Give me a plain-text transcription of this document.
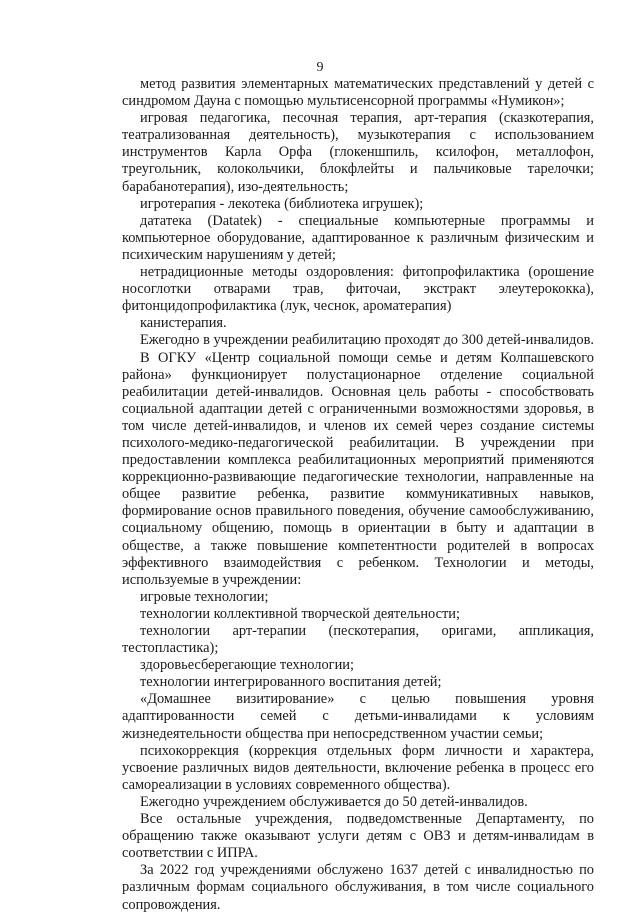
9

метод развития элементарных математических представлений у детей с синдромом Дауна с помощью мультисенсорной программы «Нумикон»;

игровая педагогика, песочная терапия, арт-терапия (сказкотерапия, театрализованная деятельность), музыкотерапия с использованием инструментов Карла Орфа (глокеншпиль, ксилофон, металлофон, треугольник, колокольчики, блокфлейты и пальчиковые тарелочки; барабанотерапия), изо-деятельность;

игротерапия - лекотека (библиотека игрушек);

дататека (Datatek) - специальные компьютерные программы и компьютерное оборудование, адаптированное к различным физическим и психическим нарушениям у детей;

нетрадиционные методы оздоровления: фитопрофилактика (орошение носоглотки отварами трав, фиточаи, экстракт элеутерококка), фитонцидопрофилактика (лук, чеснок, ароматерапия)

канистерапия.

Ежегодно в учреждении реабилитацию проходят до 300 детей-инвалидов.

В ОГКУ «Центр социальной помощи семье и детям Колпашевского района» функционирует полустационарное отделение социальной реабилитации детей-инвалидов. Основная цель работы - способствовать социальной адаптации детей с ограниченными возможностями здоровья, в том числе детей-инвалидов, и членов их семей через создание системы психолого-медико-педагогической реабилитации. В учреждении при предоставлении комплекса реабилитационных мероприятий применяются коррекционно-развивающие педагогические технологии, направленные на общее развитие ребенка, развитие коммуникативных навыков, формирование основ правильного поведения, обучение самообслуживанию, социальному общению, помощь в ориентации в быту и адаптации в обществе, а также повышение компетентности родителей в вопросах эффективного взаимодействия с ребенком. Технологии и методы, используемые в учреждении:

игровые технологии;

технологии коллективной творческой деятельности;

технологии арт-терапии (пескотерапия, оригами, аппликация, тестопластика);

здоровьесберегающие технологии;

технологии интегрированного воспитания детей;

«Домашнее визитирование» с целью повышения уровня адаптированности семей с детьми-инвалидами к условиям жизнедеятельности общества при непосредственном участии семьи;

психокоррекция (коррекция отдельных форм личности и характера, усвоение различных видов деятельности, включение ребенка в процесс его самореализации в условиях современного общества).

Ежегодно учреждением обслуживается до 50 детей-инвалидов.

Все остальные учреждения, подведомственные Департаменту, по обращению также оказывают услуги детям с ОВЗ и детям-инвалидам в соответствии с ИПРА.

За 2022 год учреждениями обслужено 1637 детей с инвалидностью по различным формам социального обслуживания, в том числе социального сопровождения.
